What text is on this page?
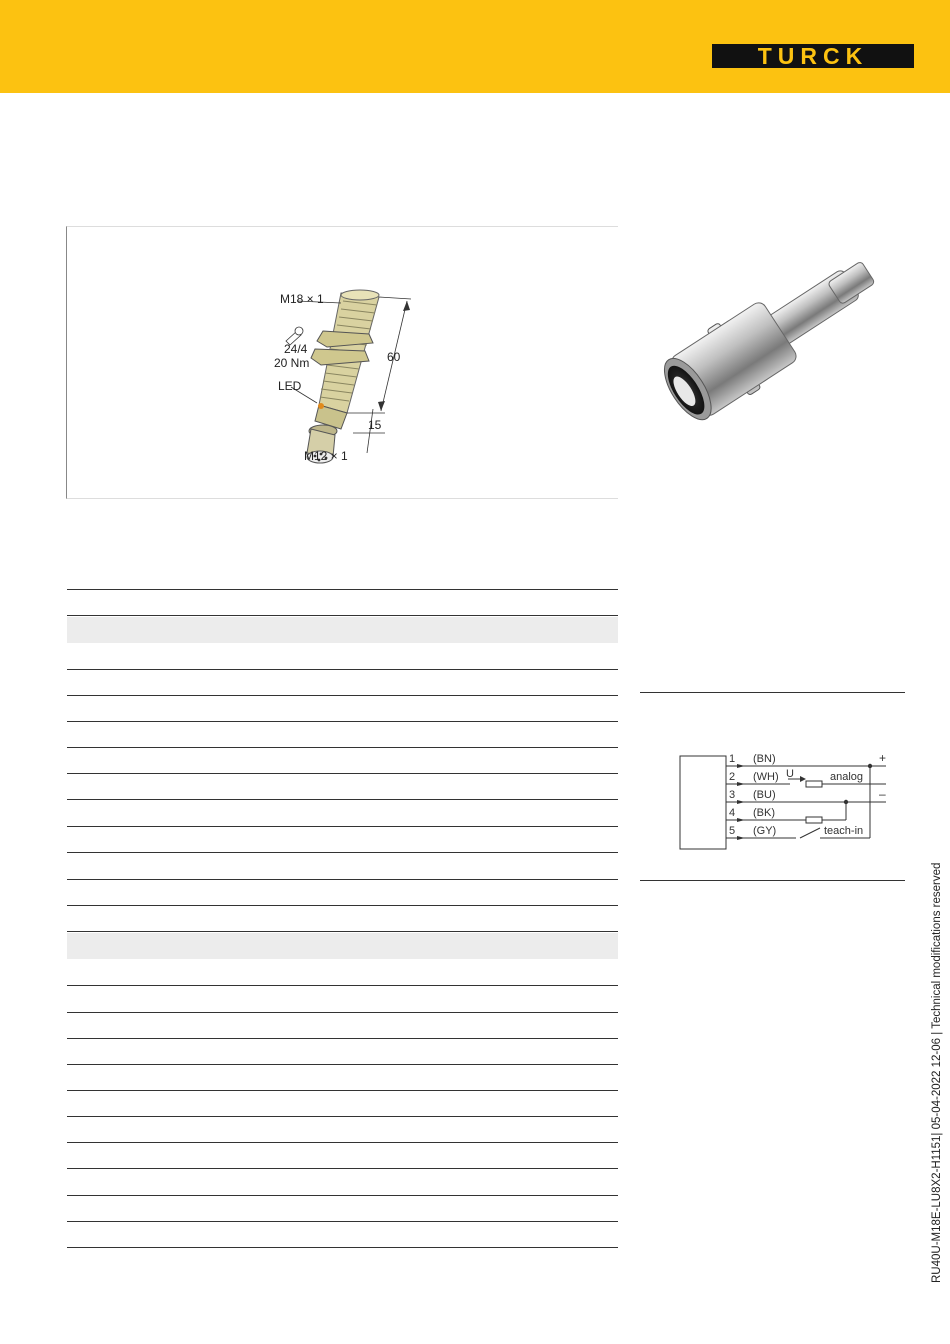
TURCK
M18 × 1
24/4
20 Nm
LED
60
15
M12 × 1
1 (BN)
2 (WH)
3 (BU)
4 (BK)
5 (GY)
U	analog
teach-in
+
–
RU40U-M18E-LU8X2-H1151| 05-04-2022 12-06 | Technical modifications reserved
